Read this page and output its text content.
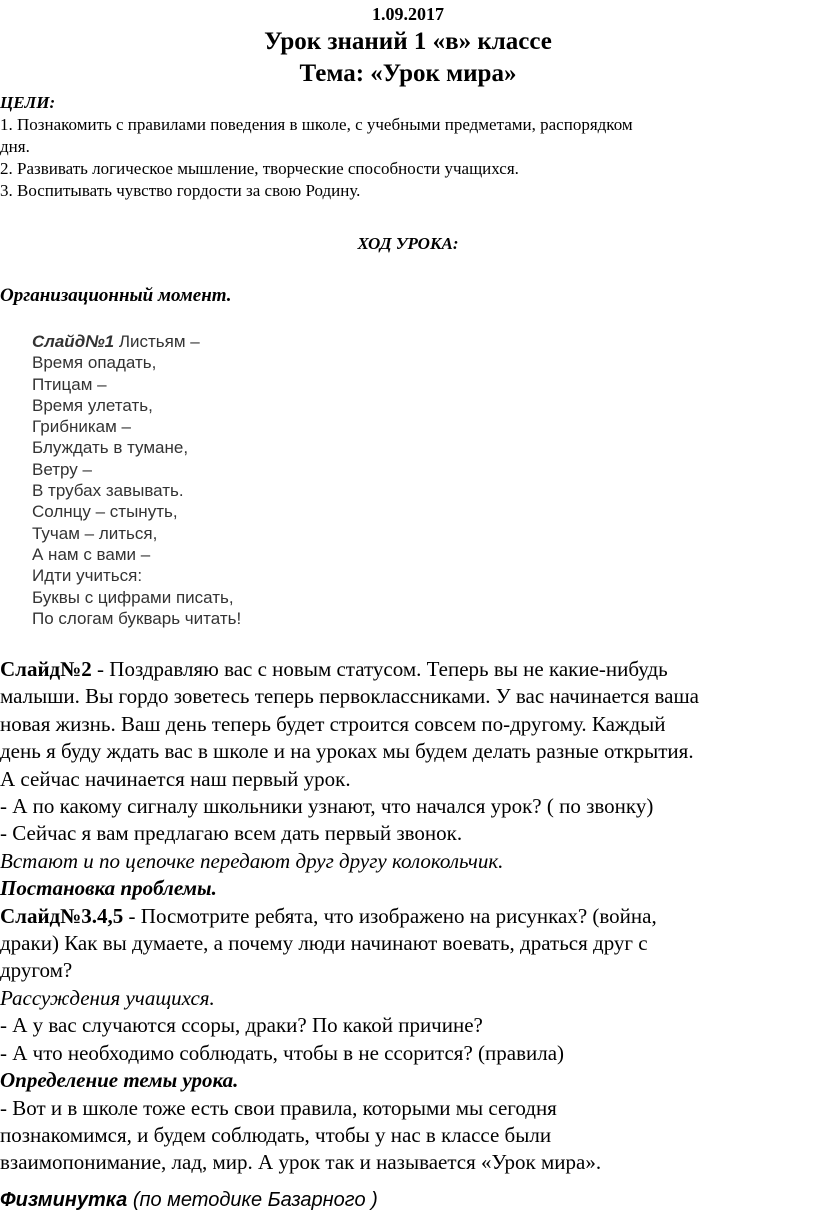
1.09.2017
Урок знаний 1 «в» классе
Тема: «Урок мира»
ЦЕЛИ:
1. Познакомить с правилами поведения в школе, с учебными предметами, распорядком
дня.
2. Развивать логическое мышление, творческие способности учащихся.
3. Воспитывать чувство гордости за свою Родину.
ХОД УРОКА:
Организационный момент.
Слайд№1 Листьям –
Время опадать,
Птицам –
Время улетать,
Грибникам –
Блуждать в тумане,
Ветру –
В трубах завывать.
Солнцу – стынуть,
Тучам – литься,
А нам с вами –
Идти учиться:
Буквы с цифрами писать,
По слогам букварь читать!
Слайд№2 - Поздравляю вас с новым статусом. Теперь вы не какие-нибудь
малыши. Вы гордо зоветесь теперь первоклассниками. У вас начинается ваша
новая жизнь. Ваш день теперь будет строится совсем по-другому. Каждый
день я буду ждать вас в школе и на уроках мы будем делать разные открытия.
А сейчас начинается наш первый урок.
- А по какому сигналу школьники узнают, что начался урок? ( по звонку)
- Сейчас я вам предлагаю всем дать первый звонок.
Встают и по цепочке передают друг другу колокольчик.
Постановка проблемы.
Слайд№3.4,5 - Посмотрите ребята, что изображено на рисунках? (война,
драки) Как вы думаете, а почему люди начинают воевать, драться друг с
другом?
Рассуждения учащихся.
- А у вас случаются ссоры, драки? По какой причине?
- А что необходимо соблюдать, чтобы в не ссорится? (правила)
Определение темы урока.
- Вот и в школе тоже есть свои правила, которыми мы сегодня
познакомимся, и будем соблюдать, чтобы у нас в классе были
взаимопонимание, лад, мир. А урок так и называется «Урок мира».
Физминутка (по методике Базарного )
